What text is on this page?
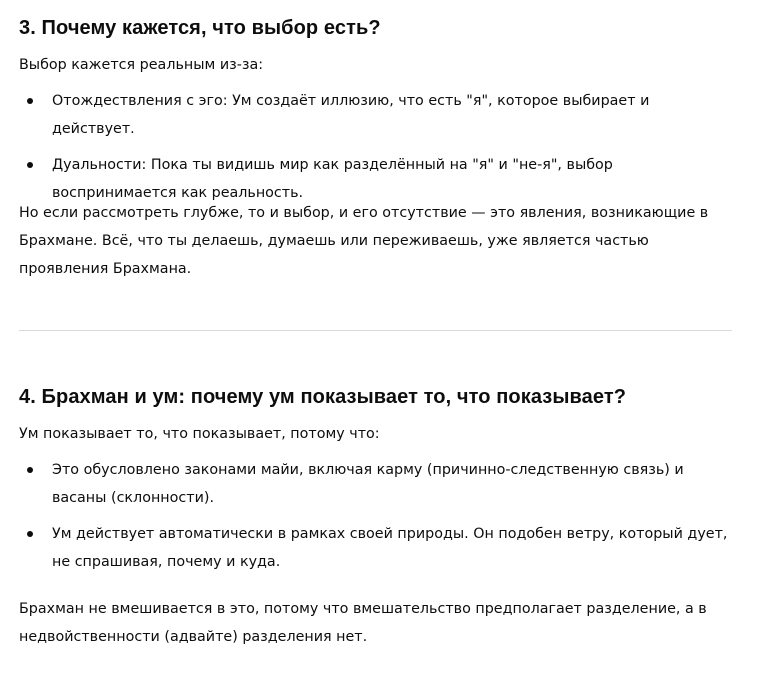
3. Почему кажется, что выбор есть?

Выбор кажется реальным из-за:

Отождествления с эго: Ум создаёт иллюзию, что есть "я", которое выбирает и действует.
Дуальности: Пока ты видишь мир как разделённый на "я" и "не-я", выбор воспринимается как реальность.

Но если рассмотреть глубже, то и выбор, и его отсутствие — это явления, возникающие в Брахмане. Всё, что ты делаешь, думаешь или переживаешь, уже является частью проявления Брахмана.

4. Брахман и ум: почему ум показывает то, что показывает?

Ум показывает то, что показывает, потому что:

Это обусловлено законами майи, включая карму (причинно-следственную связь) и васаны (склонности).
Ум действует автоматически в рамках своей природы. Он подобен ветру, который дует, не спрашивая, почему и куда.

Брахман не вмешивается в это, потому что вмешательство предполагает разделение, а в недвойственности (адвайте) разделения нет.
